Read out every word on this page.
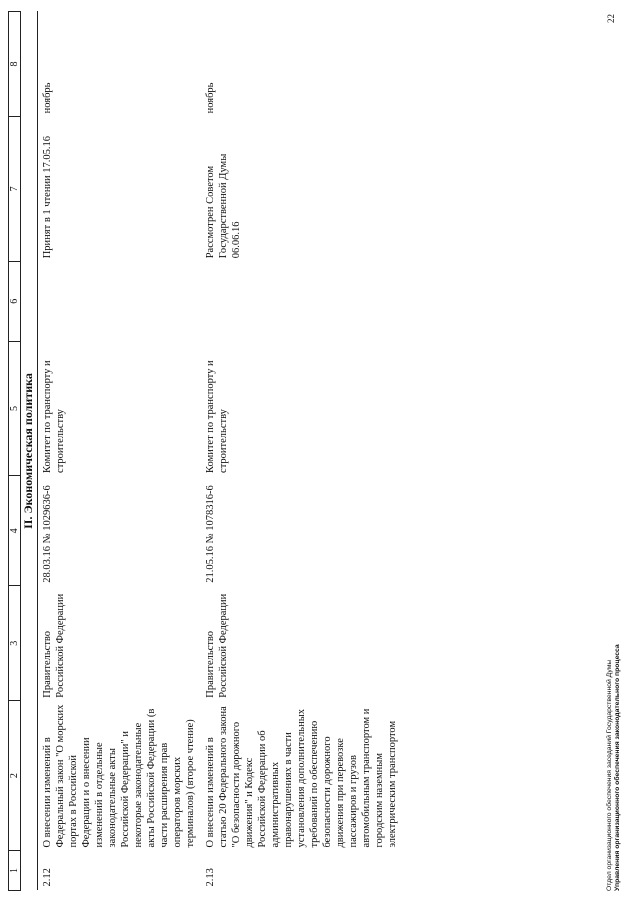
1	2	3	4	5	6	7	8
II. Экономическая политика							
2.12	О внесении изменений в Федеральный закон "О морских портах в Российской Федерации и о внесении изменений в отдельные законодательные акты Российской Федерации" и некоторые законодательные акты Российской Федерации (в части расширения прав операторов морских терминалов) (второе чтение)	Правительство Российской Федерации	28.03.16 № 1029636-6	Комитет по транспорту и строительству		Принят в 1 чтении 17.05.16	ноябрь
2.13	О внесении изменений в статью 20 Федерального закона "О безопасности дорожного движения" и Кодекс Российской Федерации об административных правонарушениях в части установления дополнительных требований по обеспечению безопасности дорожного движения при перевозке пассажиров и грузов автомобильным транспортом и городским наземным электрическим транспортом	Правительство Российской Федерации	21.05.16 № 1078316-6	Комитет по транспорту и строительству		Рассмотрен Советом Государственной Думы 06.06.16	ноябрь
Отдел организационного обеспечения заседаний Государственной Думы Управления организационного обеспечения законодательного процесса
22
